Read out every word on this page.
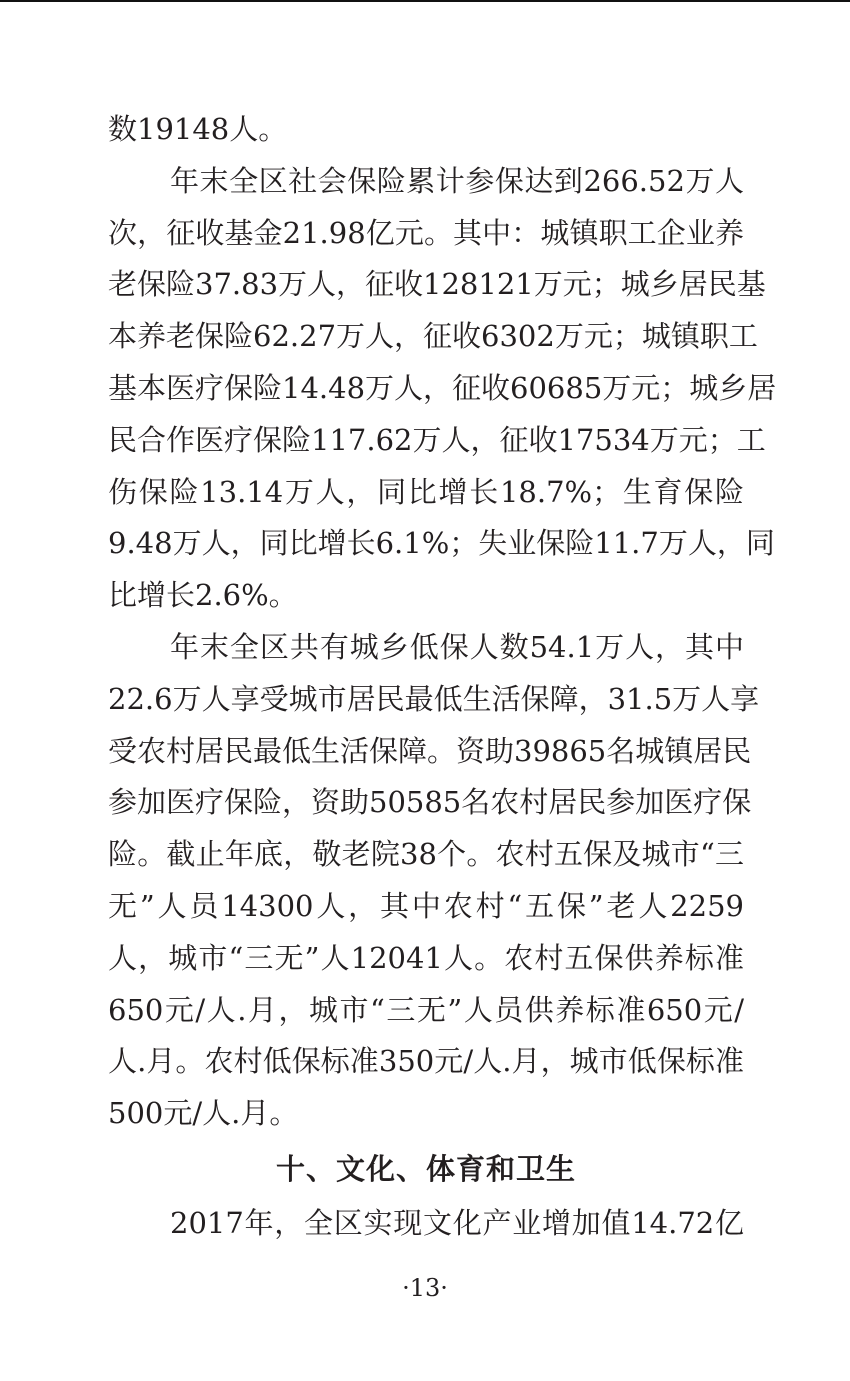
数19148人。
年末全区社会保险累计参保达到266.52万人
次，征收基金21.98亿元。其中：城镇职工企业养
老保险37.83万人，征收128121万元；城乡居民基
本养老保险62.27万人，征收6302万元；城镇职工
基本医疗保险14.48万人，征收60685万元；城乡居
民合作医疗保险117.62万人，征收17534万元；工
伤保险13.14万人，同比增长18.7%；生育保险
9.48万人，同比增长6.1%；失业保险11.7万人，同
比增长2.6%。
年末全区共有城乡低保人数54.1万人，其中
22.6万人享受城市居民最低生活保障，31.5万人享
受农村居民最低生活保障。资助39865名城镇居民
参加医疗保险，资助50585名农村居民参加医疗保
险。截止年底，敬老院38个。农村五保及城市“三
无”人员14300人，其中农村“五保”老人2259
人，城市“三无”人12041人。农村五保供养标准
650元/人.月，城市“三无”人员供养标准650元/
人.月。农村低保标准350元/人.月，城市低保标准
500元/人.月。
十、文化、体育和卫生
2017年，全区实现文化产业增加值14.72亿
·13·
